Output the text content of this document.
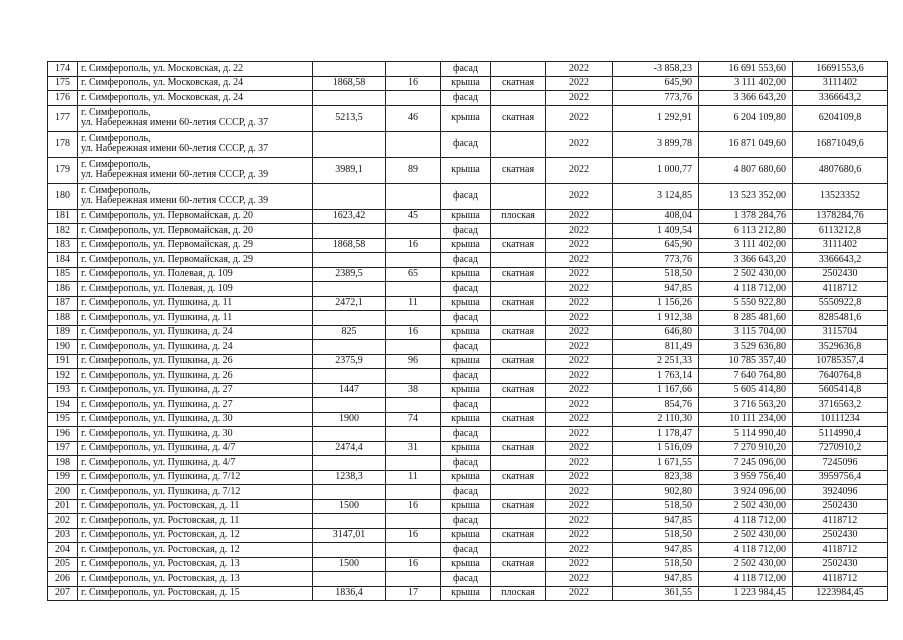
174	г. Симферополь, ул. Московская, д. 22			фасад		2022	-3 858,23	16 691 553,60	16691553,6
175	г. Симферополь, ул. Московская, д. 24	1868,58	16	крыша	скатная	2022	645,90	3 111 402,00	3111402
176	г. Симферополь, ул. Московская, д. 24			фасад		2022	773,76	3 366 643,20	3366643,2
177	г. Симферополь,
ул. Набережная имени 60-летия СССР, д. 37	5213,5	46	крыша	скатная	2022	1 292,91	6 204 109,80	6204109,8
178	г. Симферополь,
ул. Набережная имени 60-летия СССР, д. 37			фасад		2022	3 899,78	16 871 049,60	16871049,6
179	г. Симферополь,
ул. Набережная имени 60-летия СССР, д. 39	3989,1	89	крыша	скатная	2022	1 000,77	4 807 680,60	4807680,6
180	г. Симферополь,
ул. Набережная имени 60-летия СССР, д. 39			фасад		2022	3 124,85	13 523 352,00	13523352
181	г. Симферополь, ул. Первомайская, д. 20	1623,42	45	крыша	плоская	2022	408,04	1 378 284,76	1378284,76
182	г. Симферополь, ул. Первомайская, д. 20			фасад		2022	1 409,54	6 113 212,80	6113212,8
183	г. Симферополь, ул. Первомайская, д. 29	1868,58	16	крыша	скатная	2022	645,90	3 111 402,00	3111402
184	г. Симферополь, ул. Первомайская, д. 29			фасад		2022	773,76	3 366 643,20	3366643,2
185	г. Симферополь, ул. Полевая, д. 109	2389,5	65	крыша	скатная	2022	518,50	2 502 430,00	2502430
186	г. Симферополь, ул. Полевая, д. 109			фасад		2022	947,85	4 118 712,00	4118712
187	г. Симферополь, ул. Пушкина, д. 11	2472,1	11	крыша	скатная	2022	1 156,26	5 550 922,80	5550922,8
188	г. Симферополь, ул. Пушкина, д. 11			фасад		2022	1 912,38	8 285 481,60	8285481,6
189	г. Симферополь, ул. Пушкина, д. 24	825	16	крыша	скатная	2022	646,80	3 115 704,00	3115704
190	г. Симферополь, ул. Пушкина, д. 24			фасад		2022	811,49	3 529 636,80	3529636,8
191	г. Симферополь, ул. Пушкина, д. 26	2375,9	96	крыша	скатная	2022	2 251,33	10 785 357,40	10785357,4
192	г. Симферополь, ул. Пушкина, д. 26			фасад		2022	1 763,14	7 640 764,80	7640764,8
193	г. Симферополь, ул. Пушкина, д. 27	1447	38	крыша	скатная	2022	1 167,66	5 605 414,80	5605414,8
194	г. Симферополь, ул. Пушкина, д. 27			фасад		2022	854,76	3 716 563,20	3716563,2
195	г. Симферополь, ул. Пушкина, д. 30	1900	74	крыша	скатная	2022	2 110,30	10 111 234,00	10111234
196	г. Симферополь, ул. Пушкина, д. 30			фасад		2022	1 178,47	5 114 990,40	5114990,4
197	г. Симферополь, ул. Пушкина, д. 4/7	2474,4	31	крыша	скатная	2022	1 516,09	7 270 910,20	7270910,2
198	г. Симферополь, ул. Пушкина, д. 4/7			фасад		2022	1 671,55	7 245 096,00	7245096
199	г. Симферополь, ул. Пушкина, д. 7/12	1238,3	11	крыша	скатная	2022	823,38	3 959 756,40	3959756,4
200	г. Симферополь, ул. Пушкина, д. 7/12			фасад		2022	902,80	3 924 096,00	3924096
201	г. Симферополь, ул. Ростовская, д. 11	1500	16	крыша	скатная	2022	518,50	2 502 430,00	2502430
202	г. Симферополь, ул. Ростовская, д. 11			фасад		2022	947,85	4 118 712,00	4118712
203	г. Симферополь, ул. Ростовская, д. 12	3147,01	16	крыша	скатная	2022	518,50	2 502 430,00	2502430
204	г. Симферополь, ул. Ростовская, д. 12			фасад		2022	947,85	4 118 712,00	4118712
205	г. Симферополь, ул. Ростовская, д. 13	1500	16	крыша	скатная	2022	518,50	2 502 430,00	2502430
206	г. Симферополь, ул. Ростовская, д. 13			фасад		2022	947,85	4 118 712,00	4118712
207	г. Симферополь, ул. Ростовская, д. 15	1836,4	17	крыша	плоская	2022	361,55	1 223 984,45	1223984,45
